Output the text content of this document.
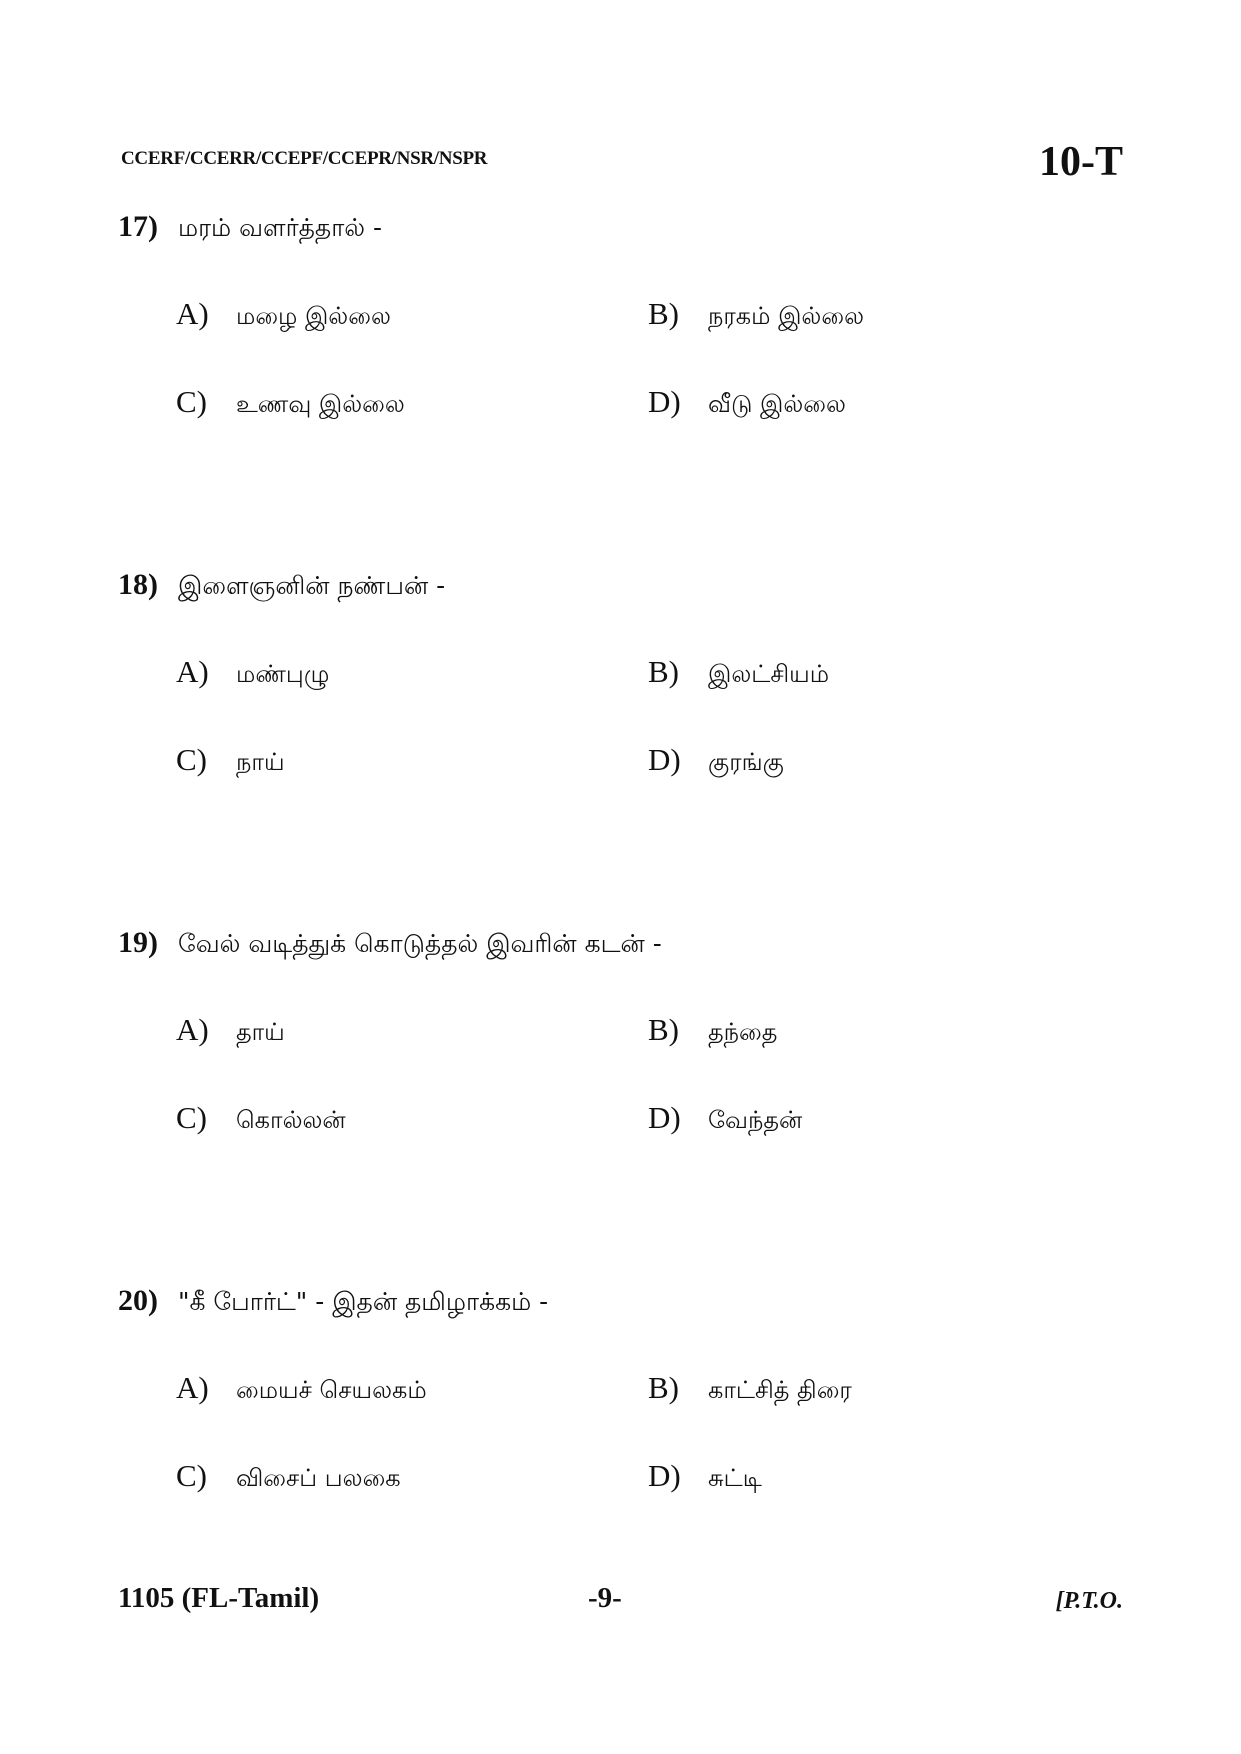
CCERF/CCERR/CCEPF/CCEPR/NSR/NSPR	10-T
17) மரம் வளர்த்தால் -
A)	மழை இல்லை	B)	நரகம் இல்லை
C)	உணவு இல்லை	D)	வீடு இல்லை
18) இளைஞனின் நண்பன் -
A)	மண்புழு	B)	இலட்சியம்
C)	நாய்	D)	குரங்கு
19) வேல் வடித்துக் கொடுத்தல் இவரின் கடன் -
A)	தாய்	B)	தந்தை
C)	கொல்லன்	D)	வேந்தன்
20) "கீ போர்ட்" - இதன் தமிழாக்கம் -
A)	மையச் செயலகம்	B)	காட்சித் திரை
C)	விசைப் பலகை	D)	சுட்டி
1105 (FL-Tamil)	-9-	[P.T.O.
